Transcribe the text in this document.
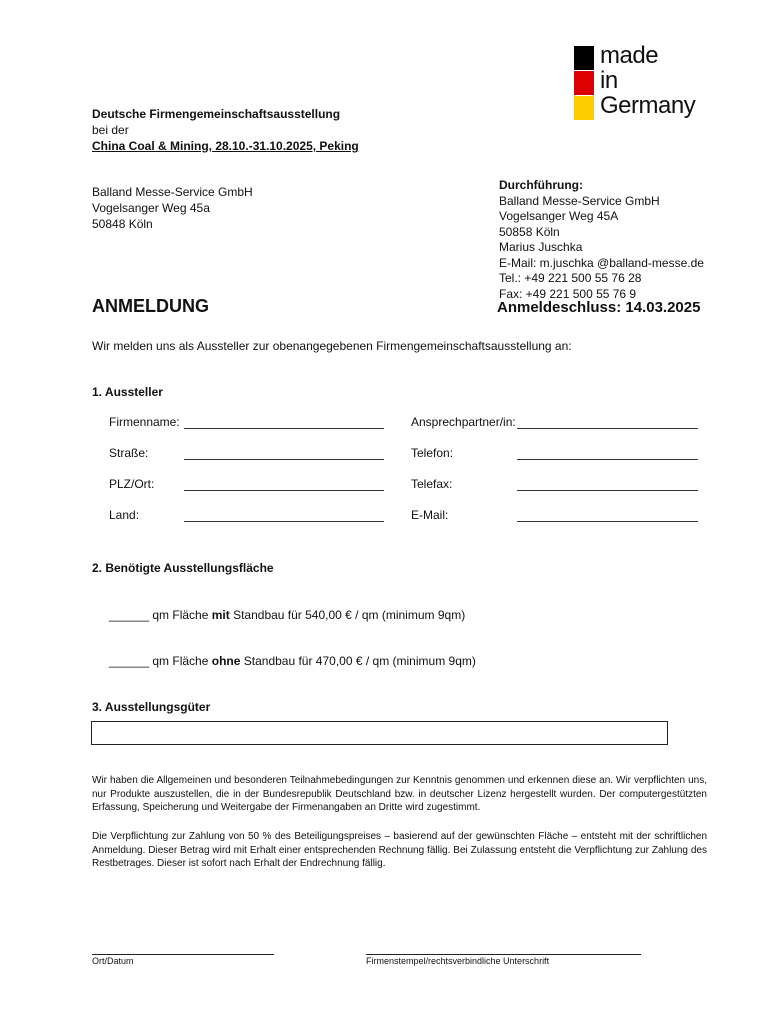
made
in
Germany
Deutsche Firmengemeinschaftsausstellung
bei der
China Coal & Mining, 28.10.-31.10.2025, Peking
Balland Messe-Service GmbH
Vogelsanger Weg 45a
50848 Köln
Durchführung:
Balland Messe-Service GmbH
Vogelsanger Weg 45A
50858 Köln
Marius Juschka
E-Mail: m.juschka @balland-messe.de
Tel.: +49 221 500 55 76 28
Fax: +49 221 500 55 76 9
ANMELDUNG	Anmeldeschluss: 14.03.2025
Wir melden uns als Aussteller zur obenangegebenen Firmengemeinschaftsausstellung an:
1. Aussteller
Firmenname:	Ansprechpartner/in:
Straße:	Telefon:
PLZ/Ort:	Telefax:
Land:	E-Mail:
2. Benötigte Ausstellungsfläche
______ qm Fläche mit Standbau für 540,00 € / qm (minimum 9qm)
______ qm Fläche ohne Standbau für 470,00 € / qm (minimum 9qm)
3. Ausstellungsgüter
Wir haben die Allgemeinen und besonderen Teilnahmebedingungen zur Kenntnis genommen und erkennen diese an. Wir verpflichten uns, nur Produkte auszustellen, die in der Bundesrepublik Deutschland bzw. in deutscher Lizenz hergestellt wurden. Der computergestützten Erfassung, Speicherung und Weitergabe der Firmenangaben an Dritte wird zugestimmt.
Die Verpflichtung zur Zahlung von 50 % des Beteiligungspreises – basierend auf der gewünschten Fläche – entsteht mit der schriftlichen Anmeldung. Dieser Betrag wird mit Erhalt einer entsprechenden Rechnung fällig. Bei Zulassung entsteht die Verpflichtung zur Zahlung des Restbetrages. Dieser ist sofort nach Erhalt der Endrechnung fällig.
Ort/Datum	Firmenstempel/rechtsverbindliche Unterschrift
